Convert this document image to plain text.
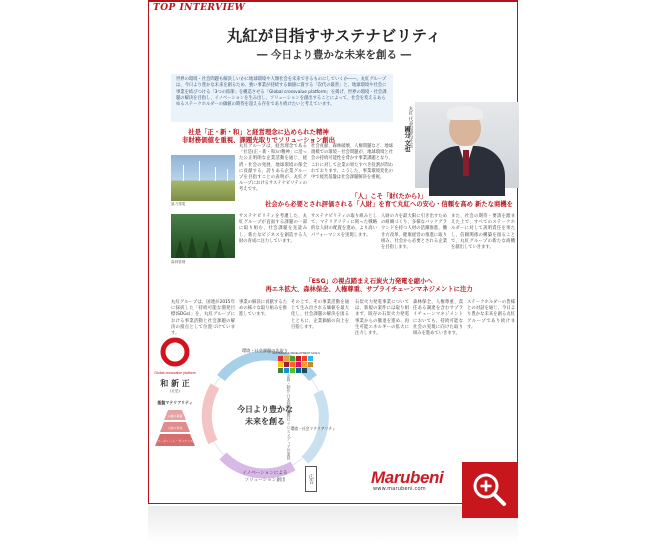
TOP INTERVIEW
丸紅が目指すサステナビリティ
― 今日より豊かな未来を創る ―
世界の環境・社会問題も解決しいかに地球環境や人類社会を未来できるものにしていくか――。丸紅グループは、今日より豊かな未来を創るため、強い事業が持続する価値に資する「次代の最善」と、地球環境や社会に事業を結びつける「3つの結節」を構造させる「Global crossvalue platform」を掲げ、世界の環境・社会課題の解決を目指し、イノベーションを生み出し、ソリューションを創出することによって、社会を変えるあらゆるステークホルダーの価値の期待を超える存在であり続けたいと考えています。
丸紅 代表取締役社長
國分 文也
社是「正・新・和」と経営理念に込められた精神
非財務価値を重視、課題先取りでソリューション創出
風力発電
丸紅グループは、経営理念である「社是(正・新・和)の精神」に沿った公正明朗な企業活動を通じ、経済・社会の発展、地球環境の保全に貢献する、誇りある企業グループを目指すことの表明が、丸紅グループにおけるサステナビリティの考えです。
社会貢献、森林破壊、人権問題など、地球規模での環境・社会問題が、地球環境と社会の持続可能性を脅かす事業課題となり、これに対して企業の果たすべき役割が問われております。こうした、事業環境変化の中で経営基盤は社会課題解決を重視。
「人」こそ「財(たから)」
社会から必要とされ評価される「人財」を育て丸紅への安心・信頼を高め 新たな商機を
森林管理
サステナビリティを考慮した、丸紅グループが直面する課題の一部に取り組む、社会課題を先読みし、新たなビジネスを創造する人財の育成に注力しています。
サステナビリティの取り組みとして、マテリアリティに則った戦略的な人財の配置を進め、より高いパフォーマンスを実現します。
人財の力を最大限に引き出すための組織づくり、多様なバックグラウンドを持つ人材の活躍推進、働き方改革、健康経営の推進に取り組み、社会から必要とされる企業を目指します。
また、社会の期待・要請を踏まえた上で、すべてのステークホルダーに対して説明責任を果たし、信頼関係の構築を図ることで、丸紅グループの新たな商機を創出していきます。
「ESG」の視点踏まえ石炭火力発電を縮小へ
再エネ拡大、森林保全、人権尊重、サプライチェーンマネジメントに注力
丸紅グループは、国連が2015年に採択した「持続可能な開発目標(SDGs)」を、丸紅グループにおける事業活動と社会課題の解決の接点として位置づけています。
事業の解決に貢献するための様々な取り組みを推進しています。
その上で、その事業活動を通じて生み出される価値を最大化し、社会課題の解決を図るとともに、企業価値の向上を目指します。
石炭火力発電事業については、新規の案件には取り組まず、既存の石炭火力発電事業からの撤退を進め、再生可能エネルギーの拡大に注力します。
森林保全、人権尊重、責任ある調達を含むサプライチェーンマネジメントにおいても、持続可能な社会の実現に向けた取り組みを進めていきます。
ステークホルダーの皆様との対話を通じ、今日より豊かな未来を創る丸紅グループであり続けます。
Global crossvalue platform
和 新 正
(社是)
基盤マテリアリティ
人権の尊重
人財の育成
コーポレート・ガバナンス
環境・社会課題の先取り
SUSTAINABLE DEVELOPMENT GOALS
今日より豊かな
未来を創る
環境・社会マテリアリティ
イノベーションによる
ソリューション創出
企画・制作 日本経済新聞社 クロスメディア営業局
広告	Marubeni
www.marubeni.com
